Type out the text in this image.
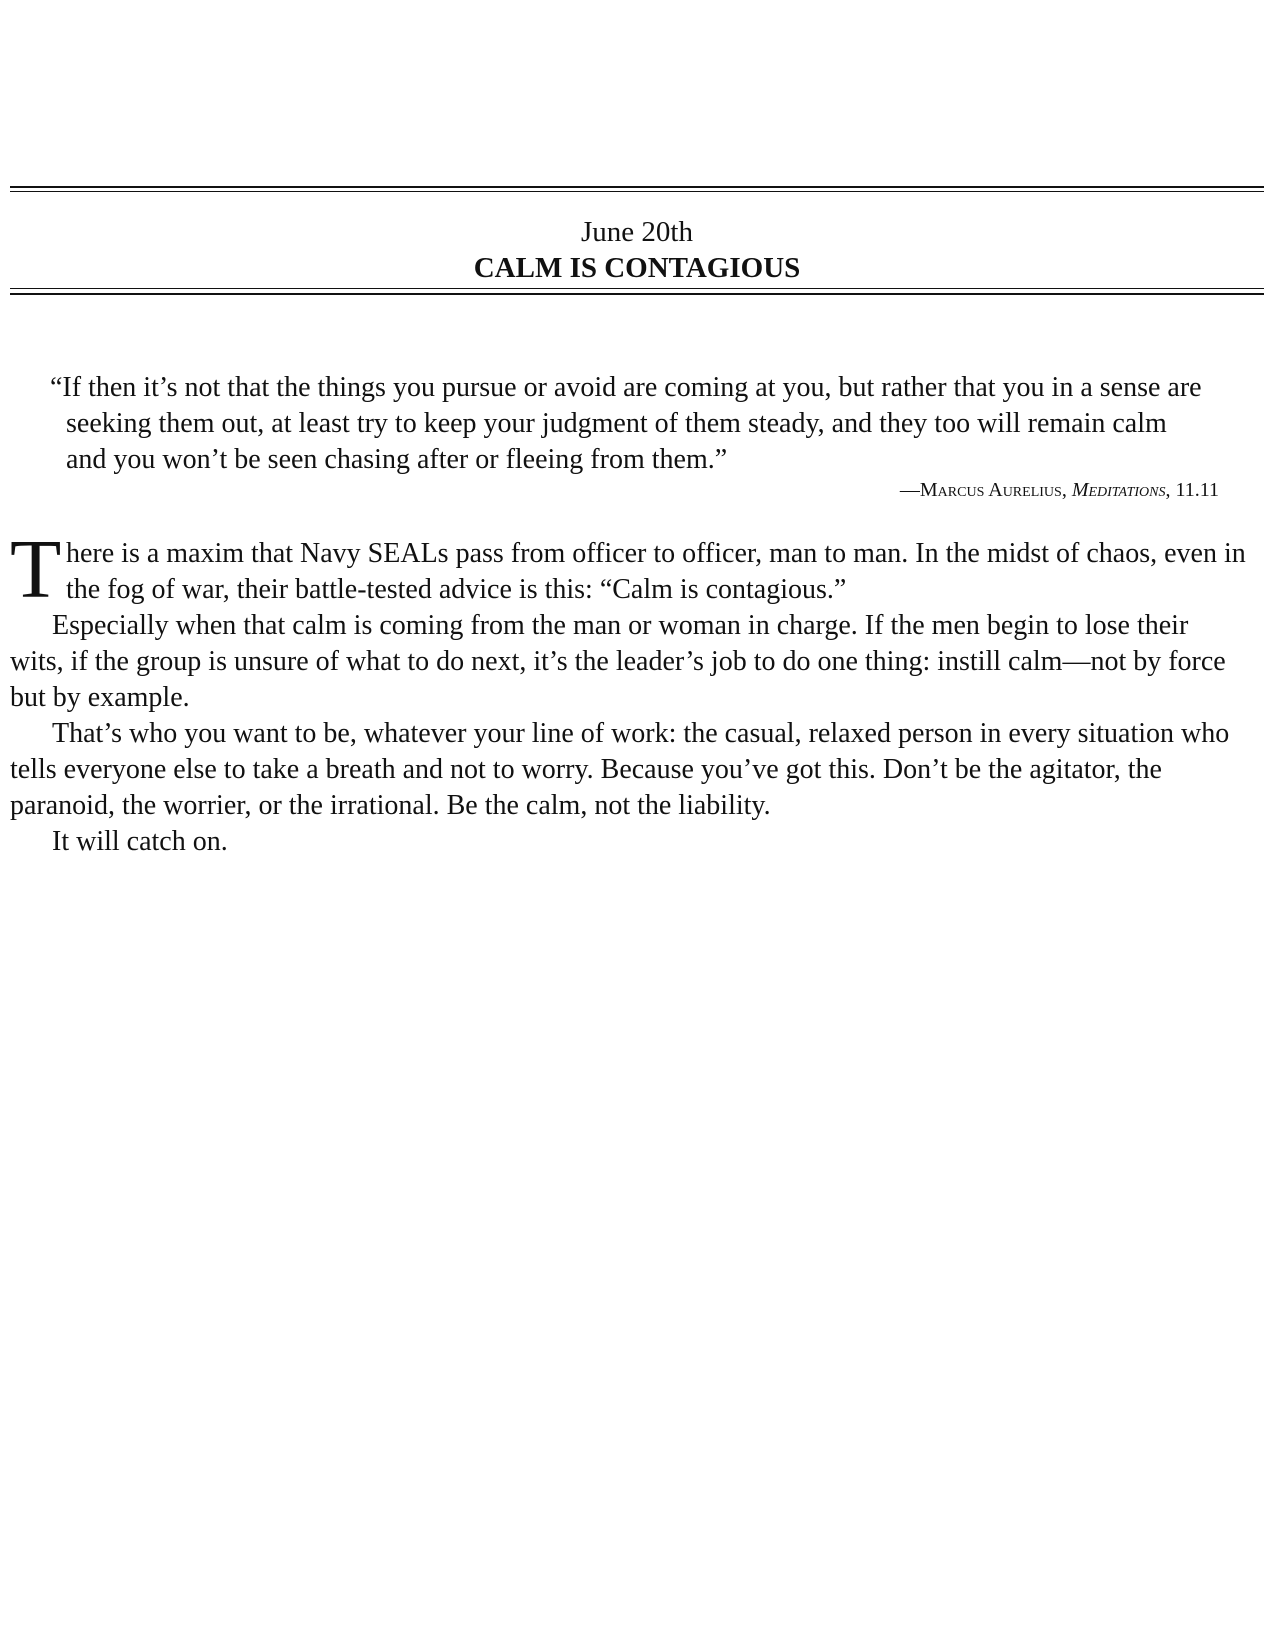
June 20th
CALM IS CONTAGIOUS
“If then it’s not that the things you pursue or avoid are coming at you, but rather that you in a sense are seeking them out, at least try to keep your judgment of them steady, and they too will remain calm and you won’t be seen chasing after or fleeing from them.”
—Marcus Aurelius, Meditations, 11.11

T here is a maxim that Navy SEALs pass from officer to officer, man to man. In the midst of chaos, even in the fog of war, their battle-tested advice is this: “Calm is contagious.”

Especially when that calm is coming from the man or woman in charge. If the men begin to lose their wits, if the group is unsure of what to do next, it’s the leader’s job to do one thing: instill calm—not by force but by example.

That’s who you want to be, whatever your line of work: the casual, relaxed person in every situation who tells everyone else to take a breath and not to worry. Because you’ve got this. Don’t be the agitator, the paranoid, the worrier, or the irrational. Be the calm, not the liability.

It will catch on.
